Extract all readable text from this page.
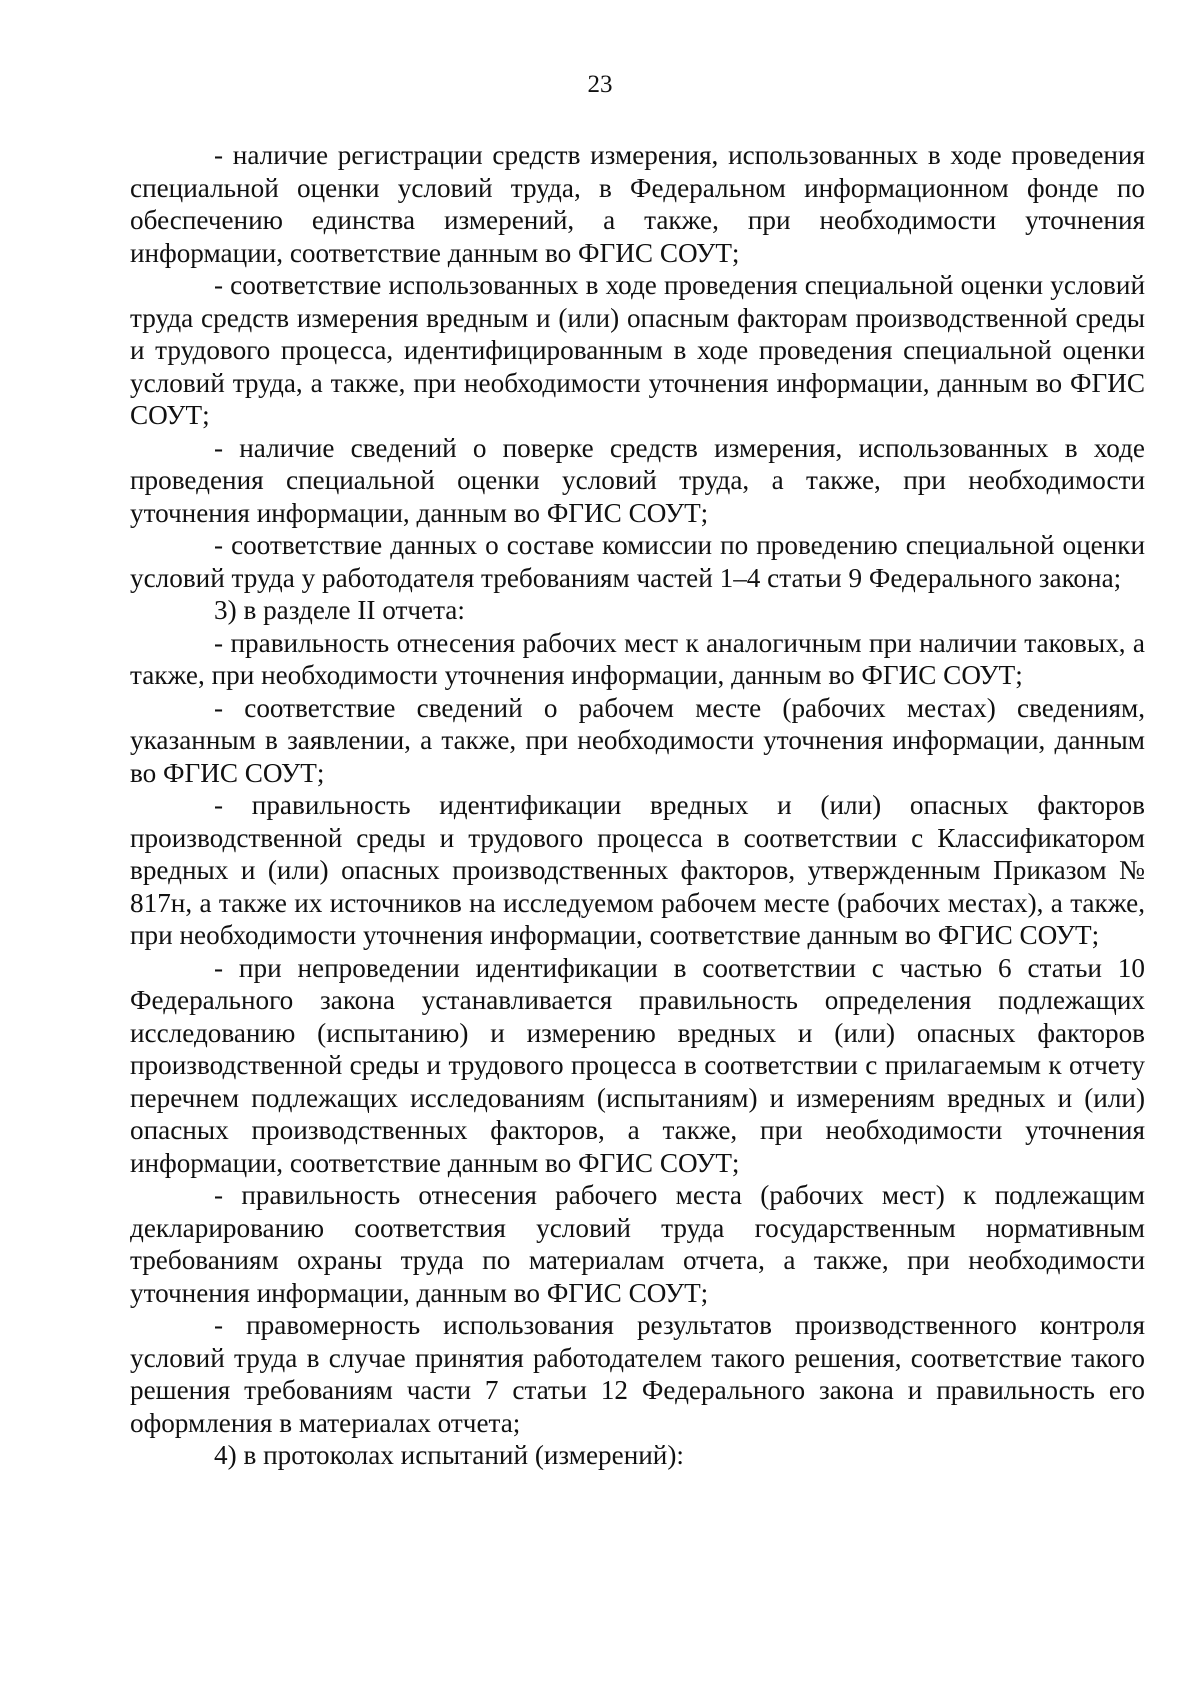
23

- наличие регистрации средств измерения, использованных в ходе проведения специальной оценки условий труда, в Федеральном информационном фонде по обеспечению единства измерений, а также, при необходимости уточнения информации, соответствие данным во ФГИС СОУТ;

- соответствие использованных в ходе проведения специальной оценки условий труда средств измерения вредным и (или) опасным факторам производственной среды и трудового процесса, идентифицированным в ходе проведения специальной оценки условий труда, а также, при необходимости уточнения информации, данным во ФГИС СОУТ;

- наличие сведений о поверке средств измерения, использованных в ходе проведения специальной оценки условий труда, а также, при необходимости уточнения информации, данным во ФГИС СОУТ;

- соответствие данных о составе комиссии по проведению специальной оценки условий труда у работодателя требованиям частей 1–4 статьи 9 Федерального закона;

3) в разделе II отчета:

- правильность отнесения рабочих мест к аналогичным при наличии таковых, а также, при необходимости уточнения информации, данным во ФГИС СОУТ;

- соответствие сведений о рабочем месте (рабочих местах) сведениям, указанным в заявлении, а также, при необходимости уточнения информации, данным во ФГИС СОУТ;

- правильность идентификации вредных и (или) опасных факторов производственной среды и трудового процесса в соответствии с Классификатором вредных и (или) опасных производственных факторов, утвержденным Приказом № 817н, а также их источников на исследуемом рабочем месте (рабочих местах), а также, при необходимости уточнения информации, соответствие данным во ФГИС СОУТ;

- при непроведении идентификации в соответствии с частью 6 статьи 10 Федерального закона устанавливается правильность определения подлежащих исследованию (испытанию) и измерению вредных и (или) опасных факторов производственной среды и трудового процесса в соответствии с прилагаемым к отчету перечнем подлежащих исследованиям (испытаниям) и измерениям вредных и (или) опасных производственных факторов, а также, при необходимости уточнения информации, соответствие данным во ФГИС СОУТ;

- правильность отнесения рабочего места (рабочих мест) к подлежащим декларированию соответствия условий труда государственным нормативным требованиям охраны труда по материалам отчета, а также, при необходимости уточнения информации, данным во ФГИС СОУТ;

- правомерность использования результатов производственного контроля условий труда в случае принятия работодателем такого решения, соответствие такого решения требованиям части 7 статьи 12 Федерального закона и правильность его оформления в материалах отчета;

4) в протоколах испытаний (измерений):
